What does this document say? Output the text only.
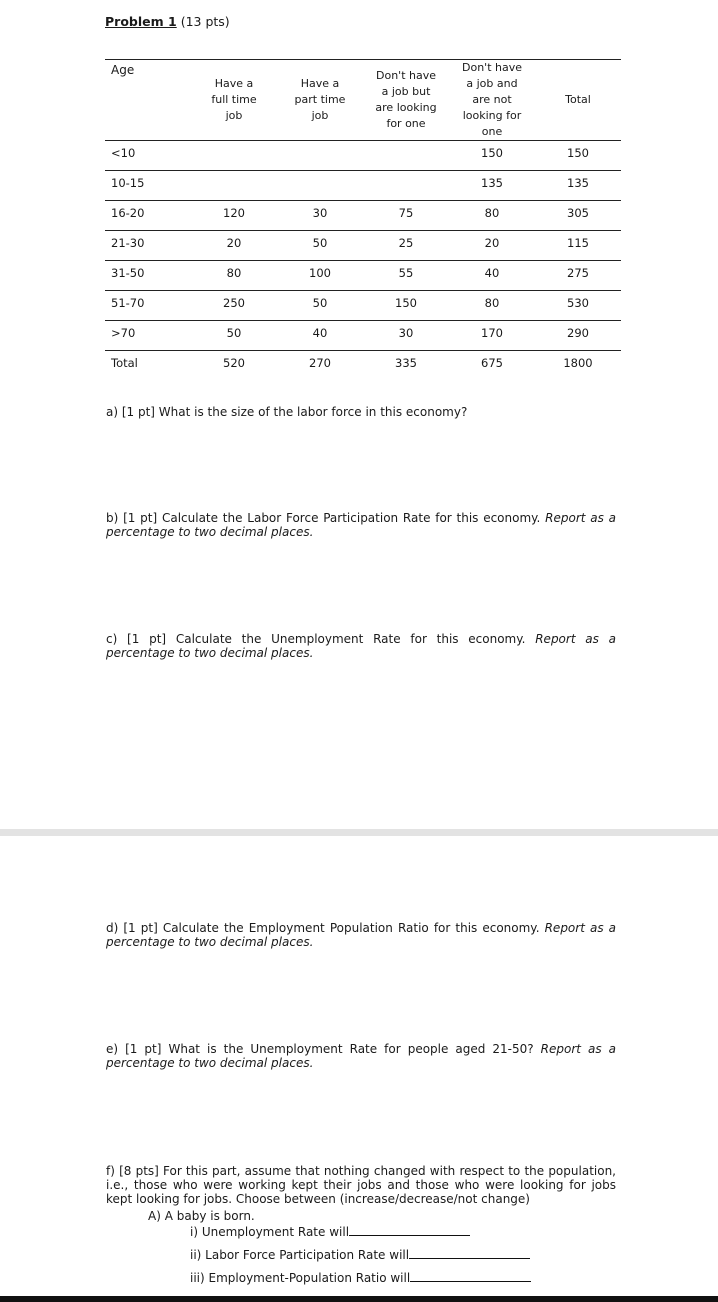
Problem 1 (13 pts)
Age	Have a full time job	Have a part time job	Don't have a job but are looking for one	Don't have a job and are not looking for one	Total
<10				150	150
10-15				135	135
16-20	120	30	75	80	305
21-30	20	50	25	20	115
31-50	80	100	55	40	275
51-70	250	50	150	80	530
>70	50	40	30	170	290
Total	520	270	335	675	1800
a) [1 pt] What is the size of the labor force in this economy?
b) [1 pt] Calculate the Labor Force Participation Rate for this economy. Report as a percentage to two decimal places.
c) [1 pt] Calculate the Unemployment Rate for this economy. Report as a percentage to two decimal places.
d) [1 pt] Calculate the Employment Population Ratio for this economy. Report as a percentage to two decimal places.
e) [1 pt] What is the Unemployment Rate for people aged 21-50? Report as a percentage to two decimal places.
f) [8 pts] For this part, assume that nothing changed with respect to the population, i.e., those who were working kept their jobs and those who were looking for jobs kept looking for jobs. Choose between (increase/decrease/not change)
A) A baby is born.
i) Unemployment Rate will
ii) Labor Force Participation Rate will
iii) Employment-Population Ratio will
